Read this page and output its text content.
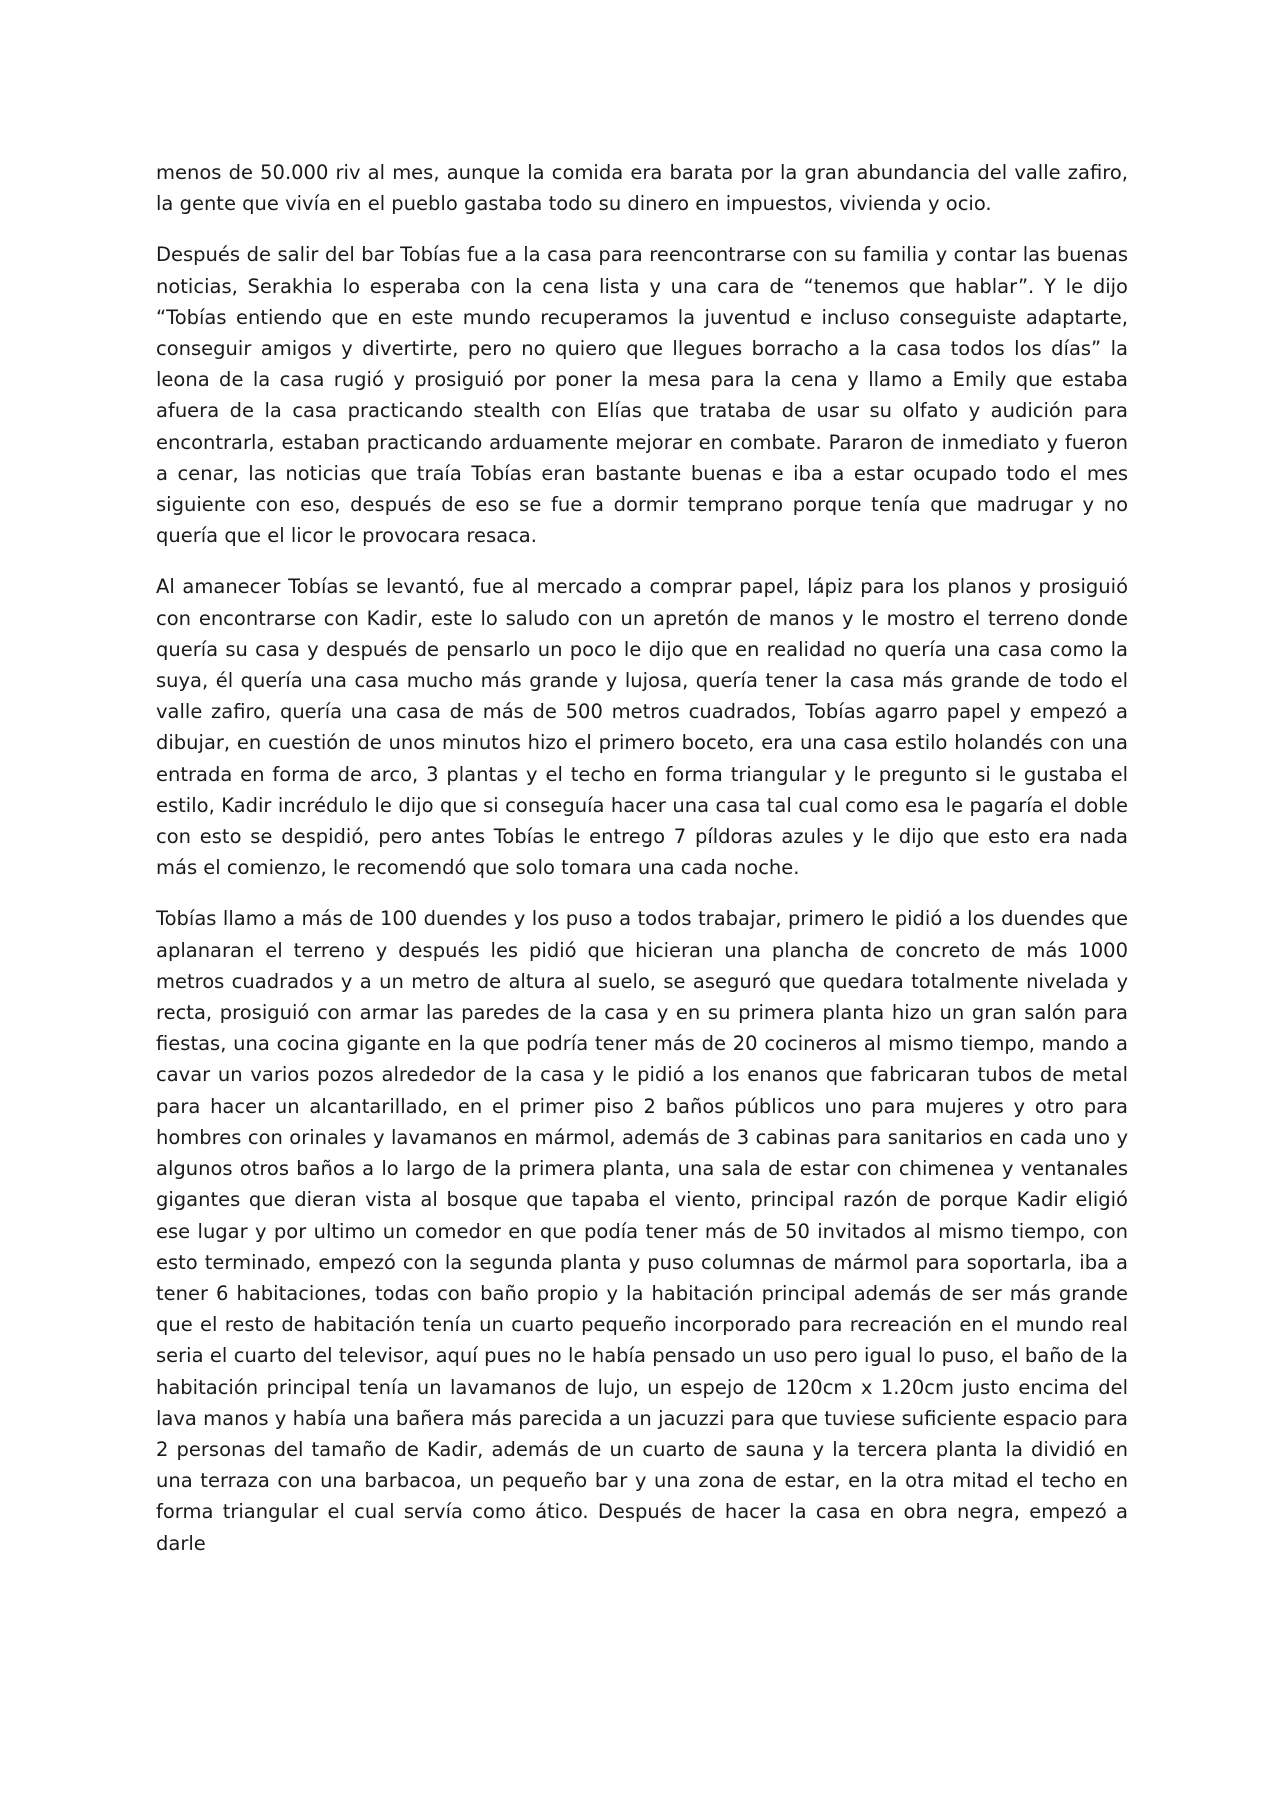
menos de 50.000 riv al mes, aunque la comida era barata por la gran abundancia del valle zafiro, la gente que vivía en el pueblo gastaba todo su dinero en impuestos, vivienda y ocio.

Después de salir del bar Tobías fue a la casa para reencontrarse con su familia y contar las buenas noticias, Serakhia lo esperaba con la cena lista y una cara de “tenemos que hablar”. Y le dijo “Tobías entiendo que en este mundo recuperamos la juventud e incluso conseguiste adaptarte, conseguir amigos y divertirte, pero no quiero que llegues borracho a la casa todos los días” la leona de la casa rugió y prosiguió por poner la mesa para la cena y llamo a Emily que estaba afuera de la casa practicando stealth con Elías que trataba de usar su olfato y audición para encontrarla, estaban practicando arduamente mejorar en combate. Pararon de inmediato y fueron a cenar, las noticias que traía Tobías eran bastante buenas e iba a estar ocupado todo el mes siguiente con eso, después de eso se fue a dormir temprano porque tenía que madrugar y no quería que el licor le provocara resaca.

Al amanecer Tobías se levantó, fue al mercado a comprar papel, lápiz para los planos y prosiguió con encontrarse con Kadir, este lo saludo con un apretón de manos y le mostro el terreno donde quería su casa y después de pensarlo un poco le dijo que en realidad no quería una casa como la suya, él quería una casa mucho más grande y lujosa, quería tener la casa más grande de todo el valle zafiro, quería una casa de más de 500 metros cuadrados, Tobías agarro papel y empezó a dibujar, en cuestión de unos minutos hizo el primero boceto, era una casa estilo holandés con una entrada en forma de arco, 3 plantas y el techo en forma triangular y le pregunto si le gustaba el estilo, Kadir incrédulo le dijo que si conseguía hacer una casa tal cual como esa le pagaría el doble con esto se despidió, pero antes Tobías le entrego 7 píldoras azules y le dijo que esto era nada más el comienzo, le recomendó que solo tomara una cada noche.

Tobías llamo a más de 100 duendes y los puso a todos trabajar, primero le pidió a los duendes que aplanaran el terreno y después les pidió que hicieran una plancha de concreto de más 1000 metros cuadrados y a un metro de altura al suelo, se aseguró que quedara totalmente nivelada y recta, prosiguió con armar las paredes de la casa y en su primera planta hizo un gran salón para fiestas, una cocina gigante en la que podría tener más de 20 cocineros al mismo tiempo, mando a cavar un varios pozos alrededor de la casa y le pidió a los enanos que fabricaran tubos de metal para hacer un alcantarillado, en el primer piso 2 baños públicos uno para mujeres y otro para hombres con orinales y lavamanos en mármol, además de 3 cabinas para sanitarios en cada uno y algunos otros baños a lo largo de la primera planta, una sala de estar con chimenea y ventanales gigantes que dieran vista al bosque que tapaba el viento, principal razón de porque Kadir eligió ese lugar y por ultimo un comedor en que podía tener más de 50 invitados al mismo tiempo, con esto terminado, empezó con la segunda planta y puso columnas de mármol para soportarla, iba a tener 6 habitaciones, todas con baño propio y la habitación principal además de ser más grande que el resto de habitación tenía un cuarto pequeño incorporado para recreación en el mundo real seria el cuarto del televisor, aquí pues no le había pensado un uso pero igual lo puso, el baño de la habitación principal tenía un lavamanos de lujo, un espejo de 120cm x 1.20cm justo encima del lava manos y había una bañera más parecida a un jacuzzi para que tuviese suficiente espacio para 2 personas del tamaño de Kadir, además de un cuarto de sauna y la tercera planta la dividió en una terraza con una barbacoa, un pequeño bar y una zona de estar, en la otra mitad el techo en forma triangular el cual servía como ático. Después de hacer la casa en obra negra, empezó a darle
